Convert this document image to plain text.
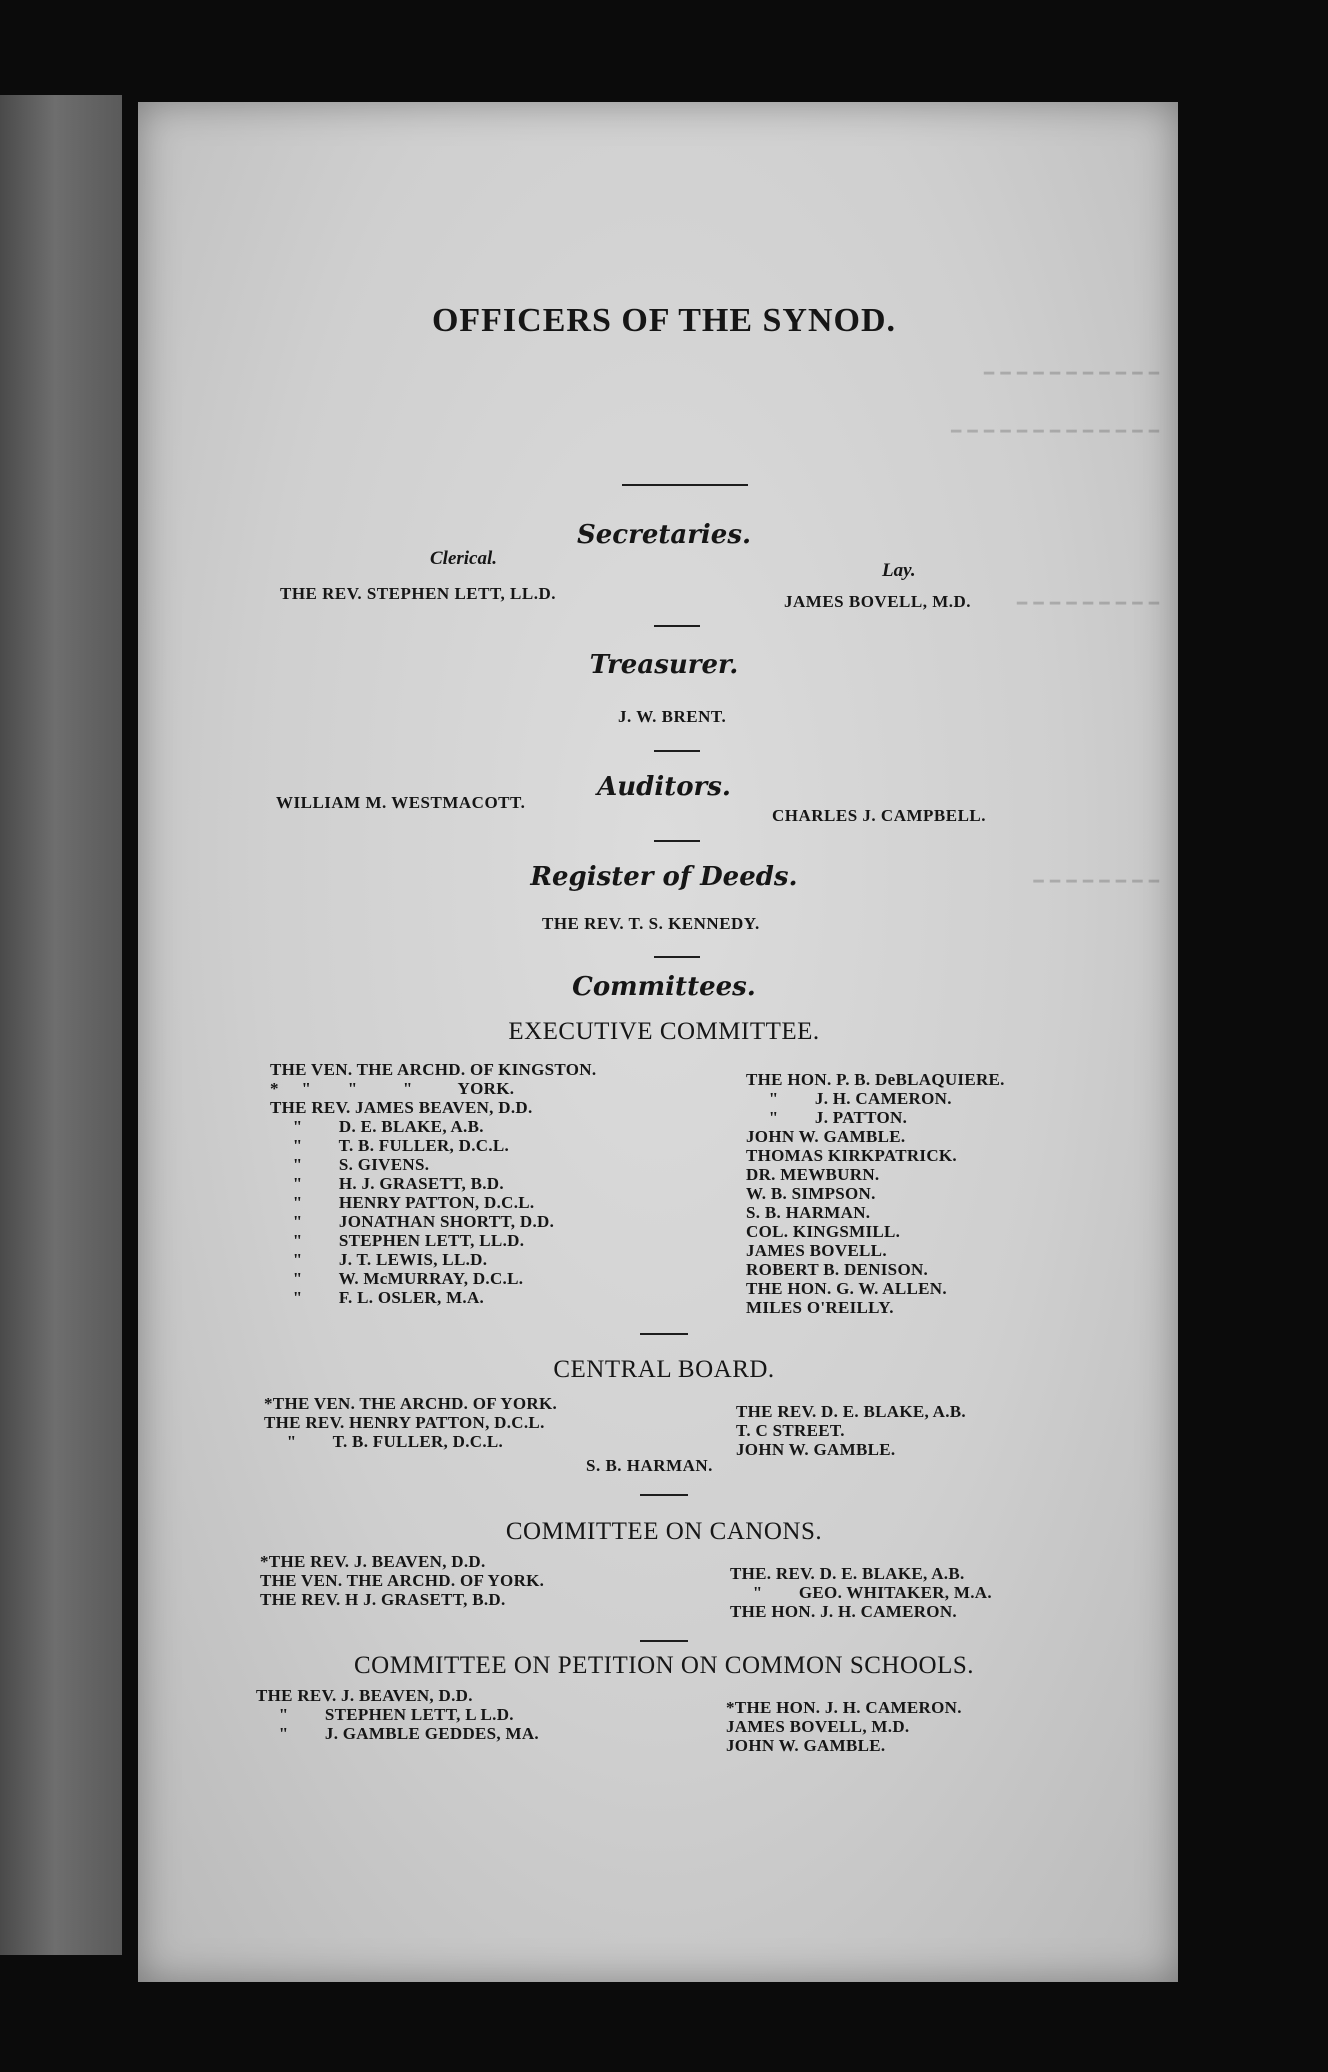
━ ━ ━ ━ ━ ━ ━ ━ ━ ━ ━
━ ━ ━ ━ ━ ━ ━ ━ ━ ━ ━ ━ ━
━ ━ ━ ━ ━ ━ ━ ━ ━
━ ━ ━ ━ ━ ━ ━ ━
OFFICERS OF THE SYNOD.
Secretaries.
Clerical.
Lay.
THE REV. STEPHEN LETT, LL.D.	JAMES BOVELL, M.D.
Treasurer.
J. W. BRENT.
Auditors.
WILLIAM M. WESTMACOTT.
CHARLES J. CAMPBELL.
Register of Deeds.
THE REV. T. S. KENNEDY.
Committees.
EXECUTIVE COMMITTEE.
THE VEN. THE ARCHD. OF KINGSTON.
*     "        "          "          YORK.
THE REV. JAMES BEAVEN, D.D.
"        D. E. BLAKE, A.B.
"        T. B. FULLER, D.C.L.
"        S. GIVENS.
"        H. J. GRASETT, B.D.
"        HENRY PATTON, D.C.L.
"        JONATHAN SHORTT, D.D.
"        STEPHEN LETT, LL.D.
"        J. T. LEWIS, LL.D.
"        W. McMURRAY, D.C.L.
"        F. L. OSLER, M.A.
THE HON. P. B. DeBLAQUIERE.
"        J. H. CAMERON.
"        J. PATTON.
JOHN W. GAMBLE.
THOMAS KIRKPATRICK.
DR. MEWBURN.
W. B. SIMPSON.
S. B. HARMAN.
COL. KINGSMILL.
JAMES BOVELL.
ROBERT B. DENISON.
THE HON. G. W. ALLEN.
MILES O'REILLY.
CENTRAL BOARD.
*THE VEN. THE ARCHD. OF YORK.
THE REV. HENRY PATTON, D.C.L.
"        T. B. FULLER, D.C.L.
THE REV. D. E. BLAKE, A.B.
T. C STREET.
JOHN W. GAMBLE.
S. B. HARMAN.
COMMITTEE ON CANONS.
*THE REV. J. BEAVEN, D.D.
THE VEN. THE ARCHD. OF YORK.
THE REV. H J. GRASETT, B.D.
THE. REV. D. E. BLAKE, A.B.
"        GEO. WHITAKER, M.A.
THE HON. J. H. CAMERON.
COMMITTEE ON PETITION ON COMMON SCHOOLS.
THE REV. J. BEAVEN, D.D.
"        STEPHEN LETT, L L.D.
"        J. GAMBLE GEDDES, MA.
*THE HON. J. H. CAMERON.
JAMES BOVELL, M.D.
JOHN W. GAMBLE.
